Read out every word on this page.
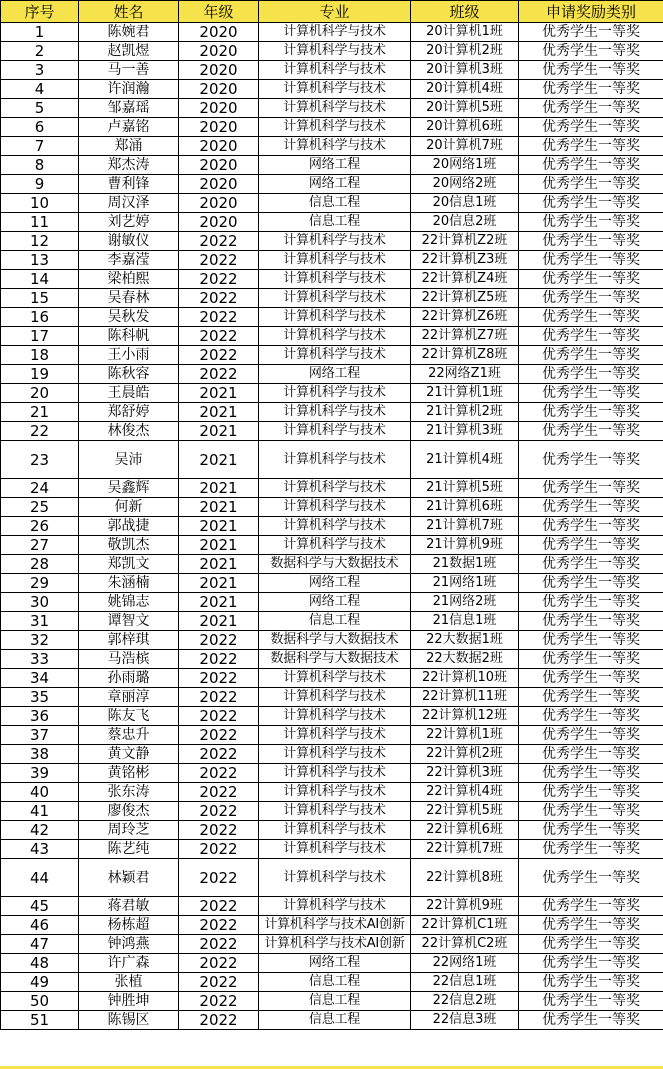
序号	姓名	年级	专业	班级	申请奖励类别
1	陈婉君	2020	计算机科学与技术	20计算机1班	优秀学生一等奖
2	赵凯煜	2020	计算机科学与技术	20计算机2班	优秀学生一等奖
3	马一善	2020	计算机科学与技术	20计算机3班	优秀学生一等奖
4	许润瀚	2020	计算机科学与技术	20计算机4班	优秀学生一等奖
5	邹嘉瑶	2020	计算机科学与技术	20计算机5班	优秀学生一等奖
6	卢嘉铭	2020	计算机科学与技术	20计算机6班	优秀学生一等奖
7	郑涌	2020	计算机科学与技术	20计算机7班	优秀学生一等奖
8	郑杰涛	2020	网络工程	20网络1班	优秀学生一等奖
9	曹利锋	2020	网络工程	20网络2班	优秀学生一等奖
10	周汉泽	2020	信息工程	20信息1班	优秀学生一等奖
11	刘艺婷	2020	信息工程	20信息2班	优秀学生一等奖
12	谢敏仪	2022	计算机科学与技术	22计算机Z2班	优秀学生一等奖
13	李嘉滢	2022	计算机科学与技术	22计算机Z3班	优秀学生一等奖
14	梁柏熙	2022	计算机科学与技术	22计算机Z4班	优秀学生一等奖
15	吴春林	2022	计算机科学与技术	22计算机Z5班	优秀学生一等奖
16	吴秋发	2022	计算机科学与技术	22计算机Z6班	优秀学生一等奖
17	陈科帆	2022	计算机科学与技术	22计算机Z7班	优秀学生一等奖
18	王小雨	2022	计算机科学与技术	22计算机Z8班	优秀学生一等奖
19	陈秋容	2022	网络工程	22网络Z1班	优秀学生一等奖
20	王晨皓	2021	计算机科学与技术	21计算机1班	优秀学生一等奖
21	郑舒婷	2021	计算机科学与技术	21计算机2班	优秀学生一等奖
22	林俊杰	2021	计算机科学与技术	21计算机3班	优秀学生一等奖
23	吴沛	2021	计算机科学与技术	21计算机4班	优秀学生一等奖
24	吴鑫辉	2021	计算机科学与技术	21计算机5班	优秀学生一等奖
25	何新	2021	计算机科学与技术	21计算机6班	优秀学生一等奖
26	郭战捷	2021	计算机科学与技术	21计算机7班	优秀学生一等奖
27	敬凯杰	2021	计算机科学与技术	21计算机9班	优秀学生一等奖
28	郑凯文	2021	数据科学与大数据技术	21数据1班	优秀学生一等奖
29	朱涵楠	2021	网络工程	21网络1班	优秀学生一等奖
30	姚锦志	2021	网络工程	21网络2班	优秀学生一等奖
31	谭智文	2021	信息工程	21信息1班	优秀学生一等奖
32	郭梓琪	2022	数据科学与大数据技术	22大数据1班	优秀学生一等奖
33	马浩槟	2022	数据科学与大数据技术	22大数据2班	优秀学生一等奖
34	孙雨璐	2022	计算机科学与技术	22计算机10班	优秀学生一等奖
35	章丽淳	2022	计算机科学与技术	22计算机11班	优秀学生一等奖
36	陈友飞	2022	计算机科学与技术	22计算机12班	优秀学生一等奖
37	蔡忠升	2022	计算机科学与技术	22计算机1班	优秀学生一等奖
38	黄文静	2022	计算机科学与技术	22计算机2班	优秀学生一等奖
39	黄铭彬	2022	计算机科学与技术	22计算机3班	优秀学生一等奖
40	张东涛	2022	计算机科学与技术	22计算机4班	优秀学生一等奖
41	廖俊杰	2022	计算机科学与技术	22计算机5班	优秀学生一等奖
42	周玲芝	2022	计算机科学与技术	22计算机6班	优秀学生一等奖
43	陈艺纯	2022	计算机科学与技术	22计算机7班	优秀学生一等奖
44	林颖君	2022	计算机科学与技术	22计算机8班	优秀学生一等奖
45	蒋君敏	2022	计算机科学与技术	22计算机9班	优秀学生一等奖
46	杨栋超	2022	计算机科学与技术AI创新	22计算机C1班	优秀学生一等奖
47	钟鸿燕	2022	计算机科学与技术AI创新	22计算机C2班	优秀学生一等奖
48	许广森	2022	网络工程	22网络1班	优秀学生一等奖
49	张植	2022	信息工程	22信息1班	优秀学生一等奖
50	钟胜坤	2022	信息工程	22信息2班	优秀学生一等奖
51	陈锡区	2022	信息工程	22信息3班	优秀学生一等奖
